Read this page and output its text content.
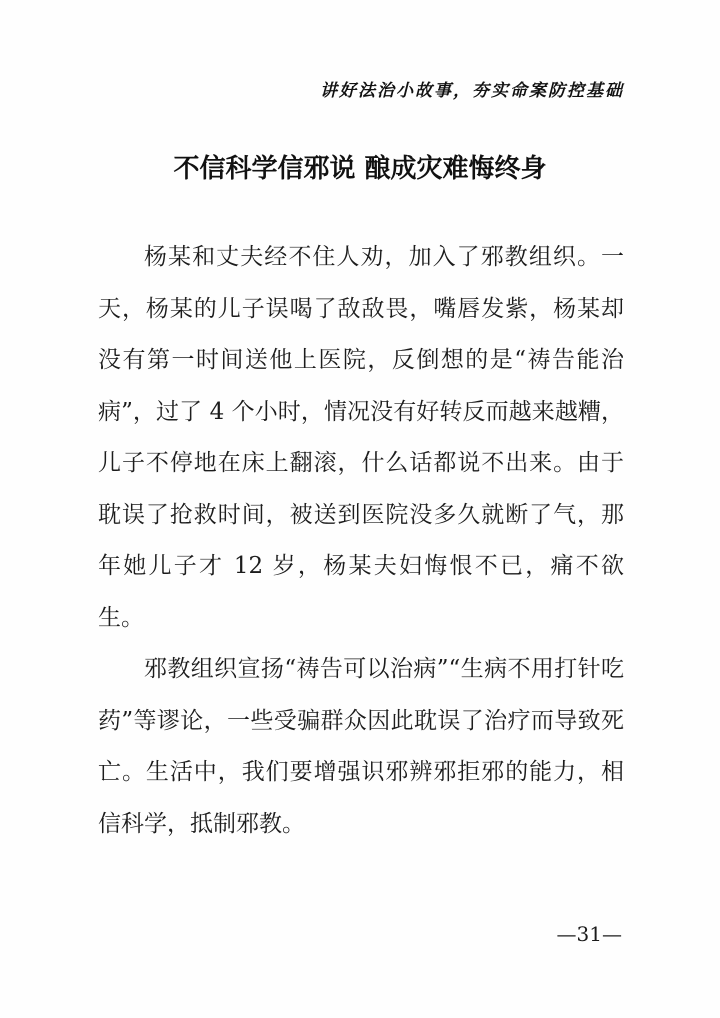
讲好法治小故事，夯实命案防控基础
不信科学信邪说 酿成灾难悔终身

杨某和丈夫经不住人劝，加入了邪教组织。一天，杨某的儿子误喝了敌敌畏，嘴唇发紫，杨某却没有第一时间送他上医院，反倒想的是“祷告能治病”，过了 4 个小时，情况没有好转反而越来越糟，儿子不停地在床上翻滚，什么话都说不出来。由于耽误了抢救时间，被送到医院没多久就断了气，那年她儿子才 12 岁，杨某夫妇悔恨不已，痛不欲生。

邪教组织宣扬“祷告可以治病”“生病不用打针吃药”等谬论，一些受骗群众因此耽误了治疗而导致死亡。生活中，我们要增强识邪辨邪拒邪的能力，相信科学，抵制邪教。

—31—
